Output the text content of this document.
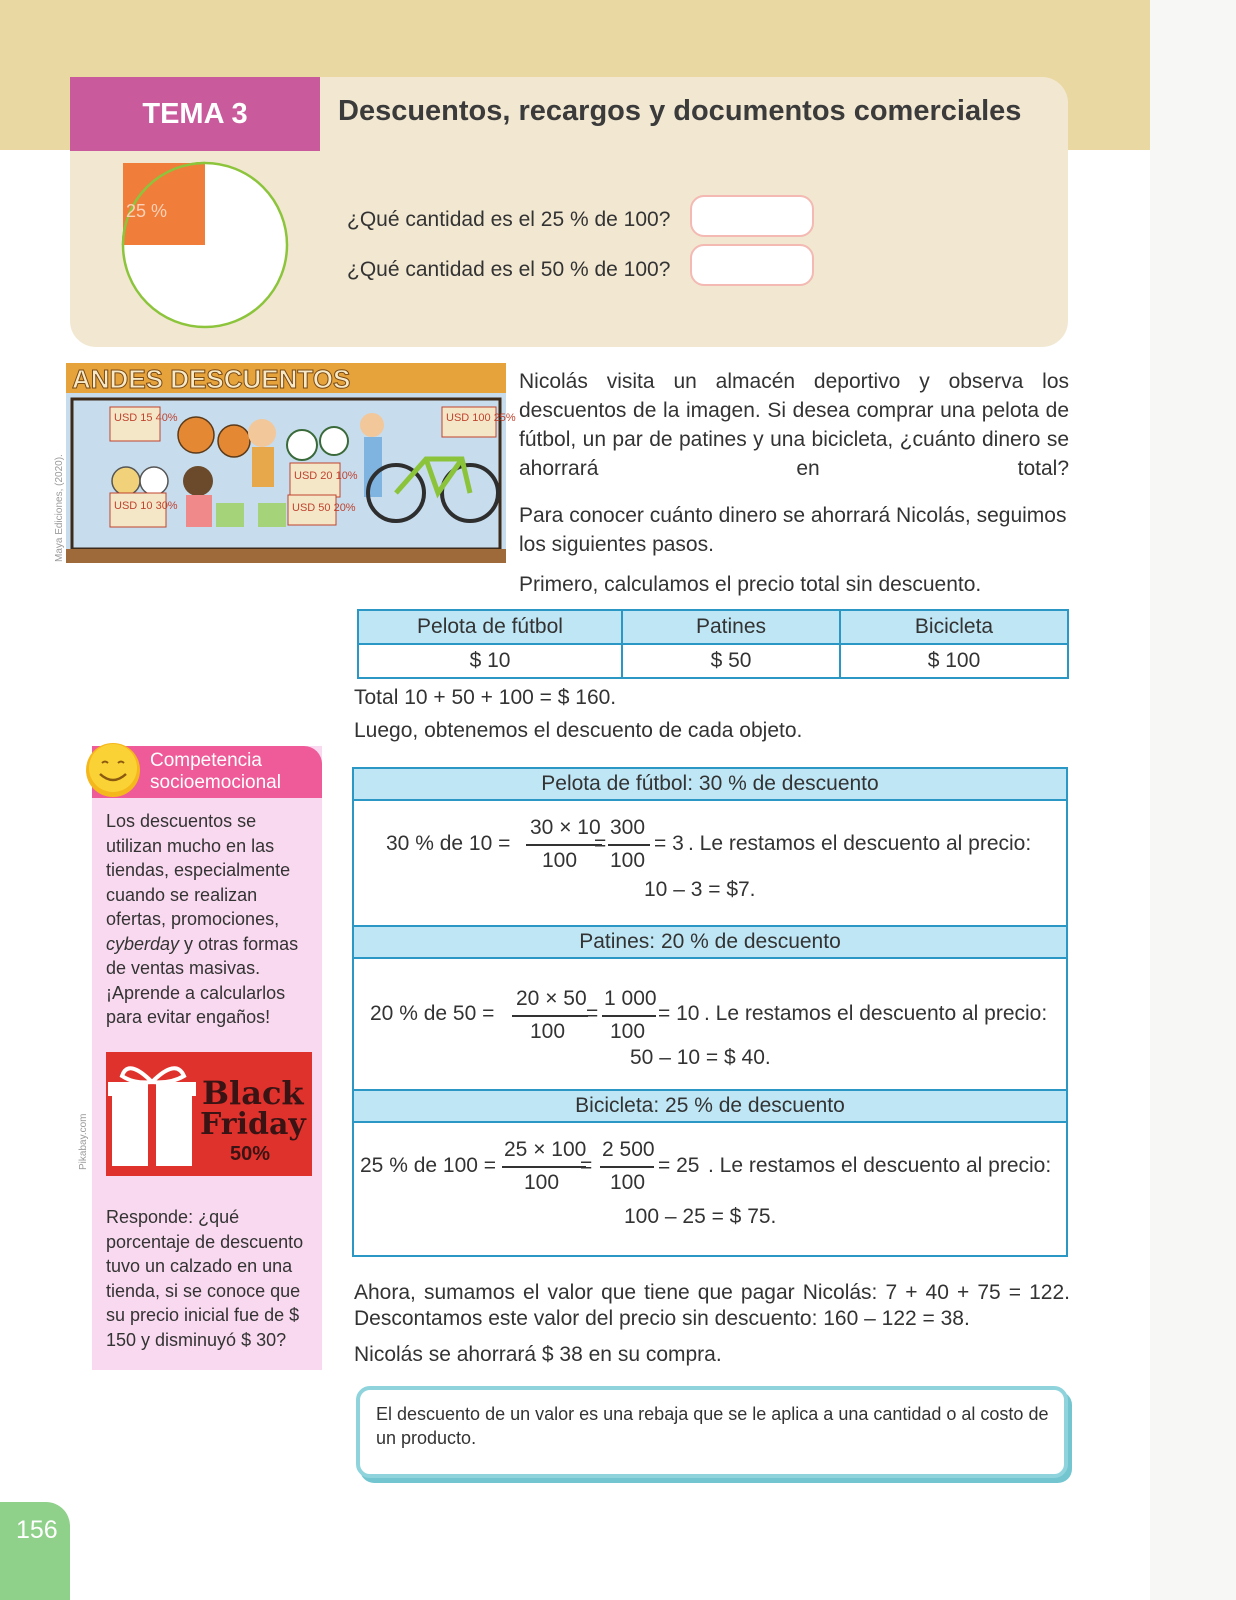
TEMA 3	Descuentos, recargos y documentos comerciales
25 %	¿Qué cantidad es el 25 % de 100?
¿Qué cantidad es el 50 % de 100?
ANDES DESCUENTOS
USD 15 40%
USD 10 30%
USD 20 10%
USD 50 20%
USD 100 25%
Maya Ediciones, (2020).
Nicolás visita un almacén deportivo y observa los descuentos de la imagen. Si desea comprar una pelota de fútbol, un par de patines y una bicicleta, ¿cuánto dinero se ahorrará en total?
Para conocer cuánto dinero se ahorrará Nicolás, seguimos los siguientes pasos.
Primero, calculamos el precio total sin descuento.
Pelota de fútbol	Patines	Bicicleta
$ 10	$ 50	$ 100
Total 10 + 50 + 100 = $ 160.
Luego, obtenemos el descuento de cada objeto.
Pelota de fútbol: 30 % de descuento
30 % de 10 =
30 × 10
100
=
300
100
= 3 . Le restamos el descuento al precio:
10 – 3 = $7.
Patines: 20 % de descuento
20 % de 50 =
20 × 50
100
=
1 000
100
= 10 . Le restamos el descuento al precio:
50 – 10 = $ 40.
Bicicleta: 25 % de descuento
25 % de 100 =
25 × 100
100
=
2 500
100
= 25 . Le restamos el descuento al precio:
100 – 25 = $ 75.
Ahora, sumamos el valor que tiene que pagar Nicolás: 7 + 40 + 75 = 122.
Descontamos este valor del precio sin descuento: 160 – 122 = 38.
Nicolás se ahorrará $ 38 en su compra.
Competencia
socioemocional
Los descuentos se utilizan mucho en las tiendas, especialmente cuando se realizan ofertas, promociones, cyberday y otras formas de ventas masivas. ¡Aprende a calcularlos para evitar engaños!
Black
Friday
50%
Pikabay.com
Responde: ¿qué porcentaje de descuento tuvo un calzado en una tienda, si se conoce que su precio inicial fue de $ 150 y disminuyó $ 30?
El descuento de un valor es una rebaja que se le aplica a una cantidad o al costo de un producto.
156
